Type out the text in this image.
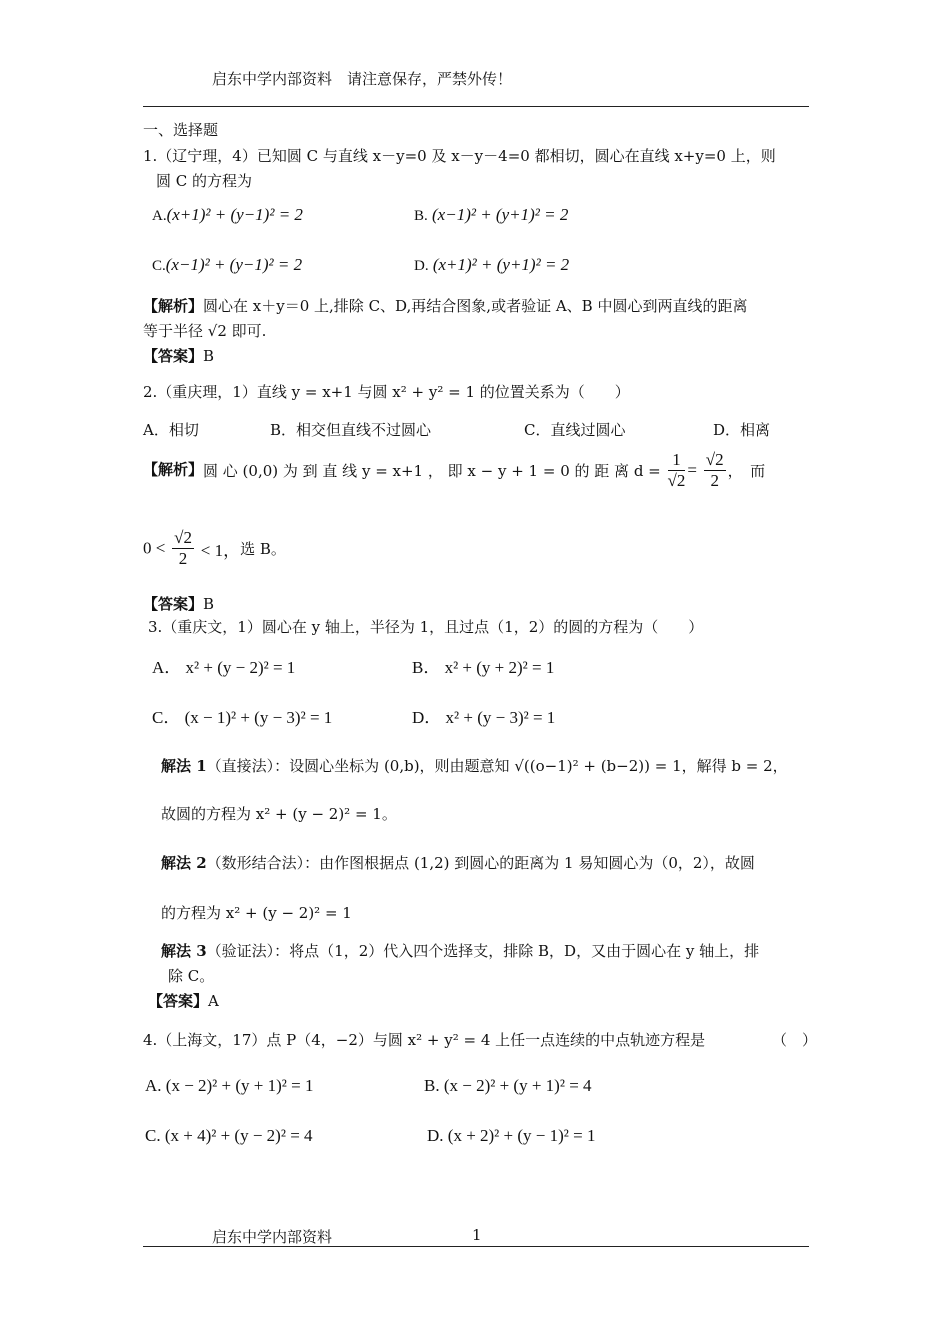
启东中学内部资料　请注意保存，严禁外传！
一、选择题
1.（辽宁理，4）已知圆 C 与直线 x－y=0 及 x－y－4=0 都相切，圆心在直线 x+y=0 上，则
圆 C 的方程为
A.(x+1)² + (y−1)² = 2	B. (x−1)² + (y+1)² = 2
C.(x−1)² + (y−1)² = 2	D. (x+1)² + (y+1)² = 2
【解析】圆心在 x＋y＝0 上,排除 C、D,再结合图象,或者验证 A、B 中圆心到两直线的距离
等于半径 √2 即可.
【答案】B
2.（重庆理，1）直线 y = x+1 与圆 x² + y² = 1 的位置关系为（　　）
A．相切	B．相交但直线不过圆心	C．直线过圆心	D．相离
【解析】圆 心 (0,0) 为 到 直 线 y = x+1 ， 即 x − y + 1 = 0 的 距 离 $d = \frac{1}{√2} = \frac{√2}{2}$ ，　而
$0 < \frac{√2}{2} < 1$，选 B。
【答案】B
3.（重庆文，1）圆心在 y 轴上，半径为 1，且过点（1，2）的圆的方程为（　　）
A． x² + (y − 2)² = 1	B． x² + (y + 2)² = 1
C． (x − 1)² + (y − 3)² = 1	D． x² + (y − 3)² = 1
解法 1（直接法）：设圆心坐标为 (0,b)，则由题意知 √((o−1)² + (b−2)) = 1，解得 b = 2，
故圆的方程为 x² + (y − 2)² = 1。
解法 2（数形结合法）：由作图根据点 (1,2) 到圆心的距离为 1 易知圆心为（0，2），故圆
的方程为 x² + (y − 2)² = 1
解法 3（验证法）：将点（1，2）代入四个选择支，排除 B，D，又由于圆心在 y 轴上，排
除 C。
【答案】A
4.（上海文，17）点 P（4，−2）与圆 x² + y² = 4 上任一点连续的中点轨迹方程是	（　）
A. (x − 2)² + (y + 1)² = 1	B. (x − 2)² + (y + 1)² = 4
C. (x + 4)² + (y − 2)² = 4	D. (x + 2)² + (y − 1)² = 1
启东中学内部资料	1
